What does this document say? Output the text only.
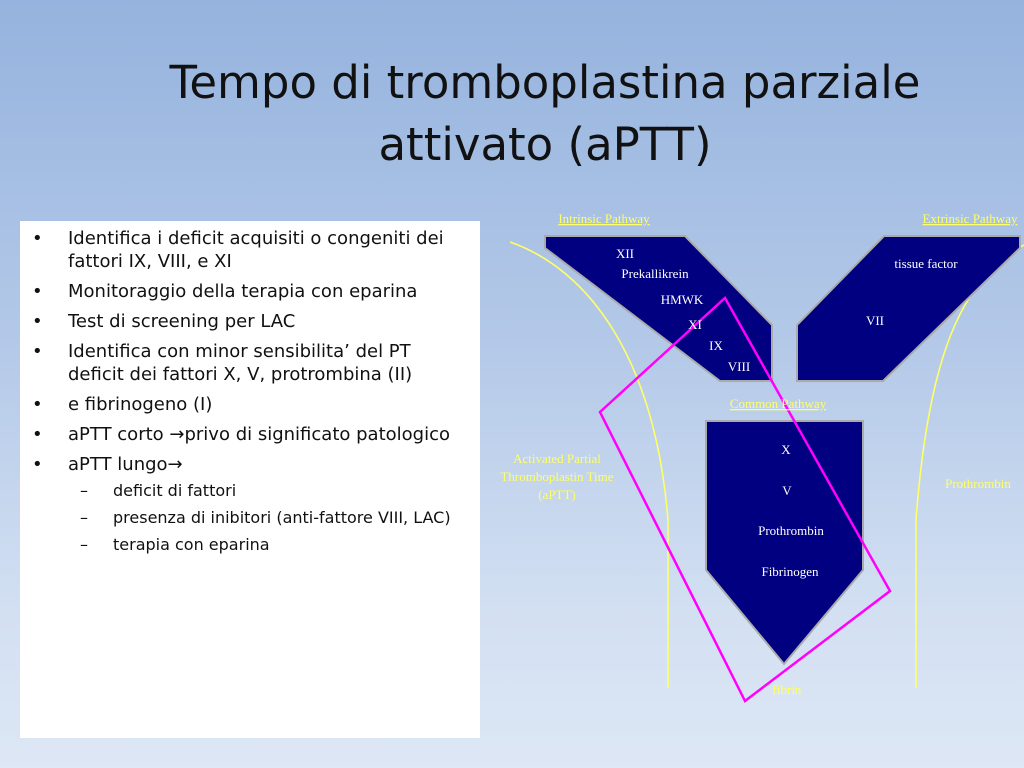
Tempo di tromboplastina parziale attivato (aPTT)
• Identifica i deficit acquisiti o congeniti dei fattori IX, VIII, e XI
• Monitoraggio della terapia con eparina
• Test di screening per LAC
• Identifica con minor sensibilita’ del PT deficit dei fattori X, V, protrombina (II)
• e fibrinogeno (I)
• aPTT corto →privo di significato patologico
• aPTT lungo→
– deficit di fattori
– presenza di inibitori (anti-fattore VIII, LAC)
– terapia con eparina
Intrinsic Pathway	Extrinsic Pathway
Common Pathway
XII
Prekallikrein
HMWK
XI
IX
VIII
tissue factor
VII
X
V
Prothrombin
Fibrinogen
Activated Partial
Thromboplastin Time
(aPTT)
Prothrombin
fibrin
